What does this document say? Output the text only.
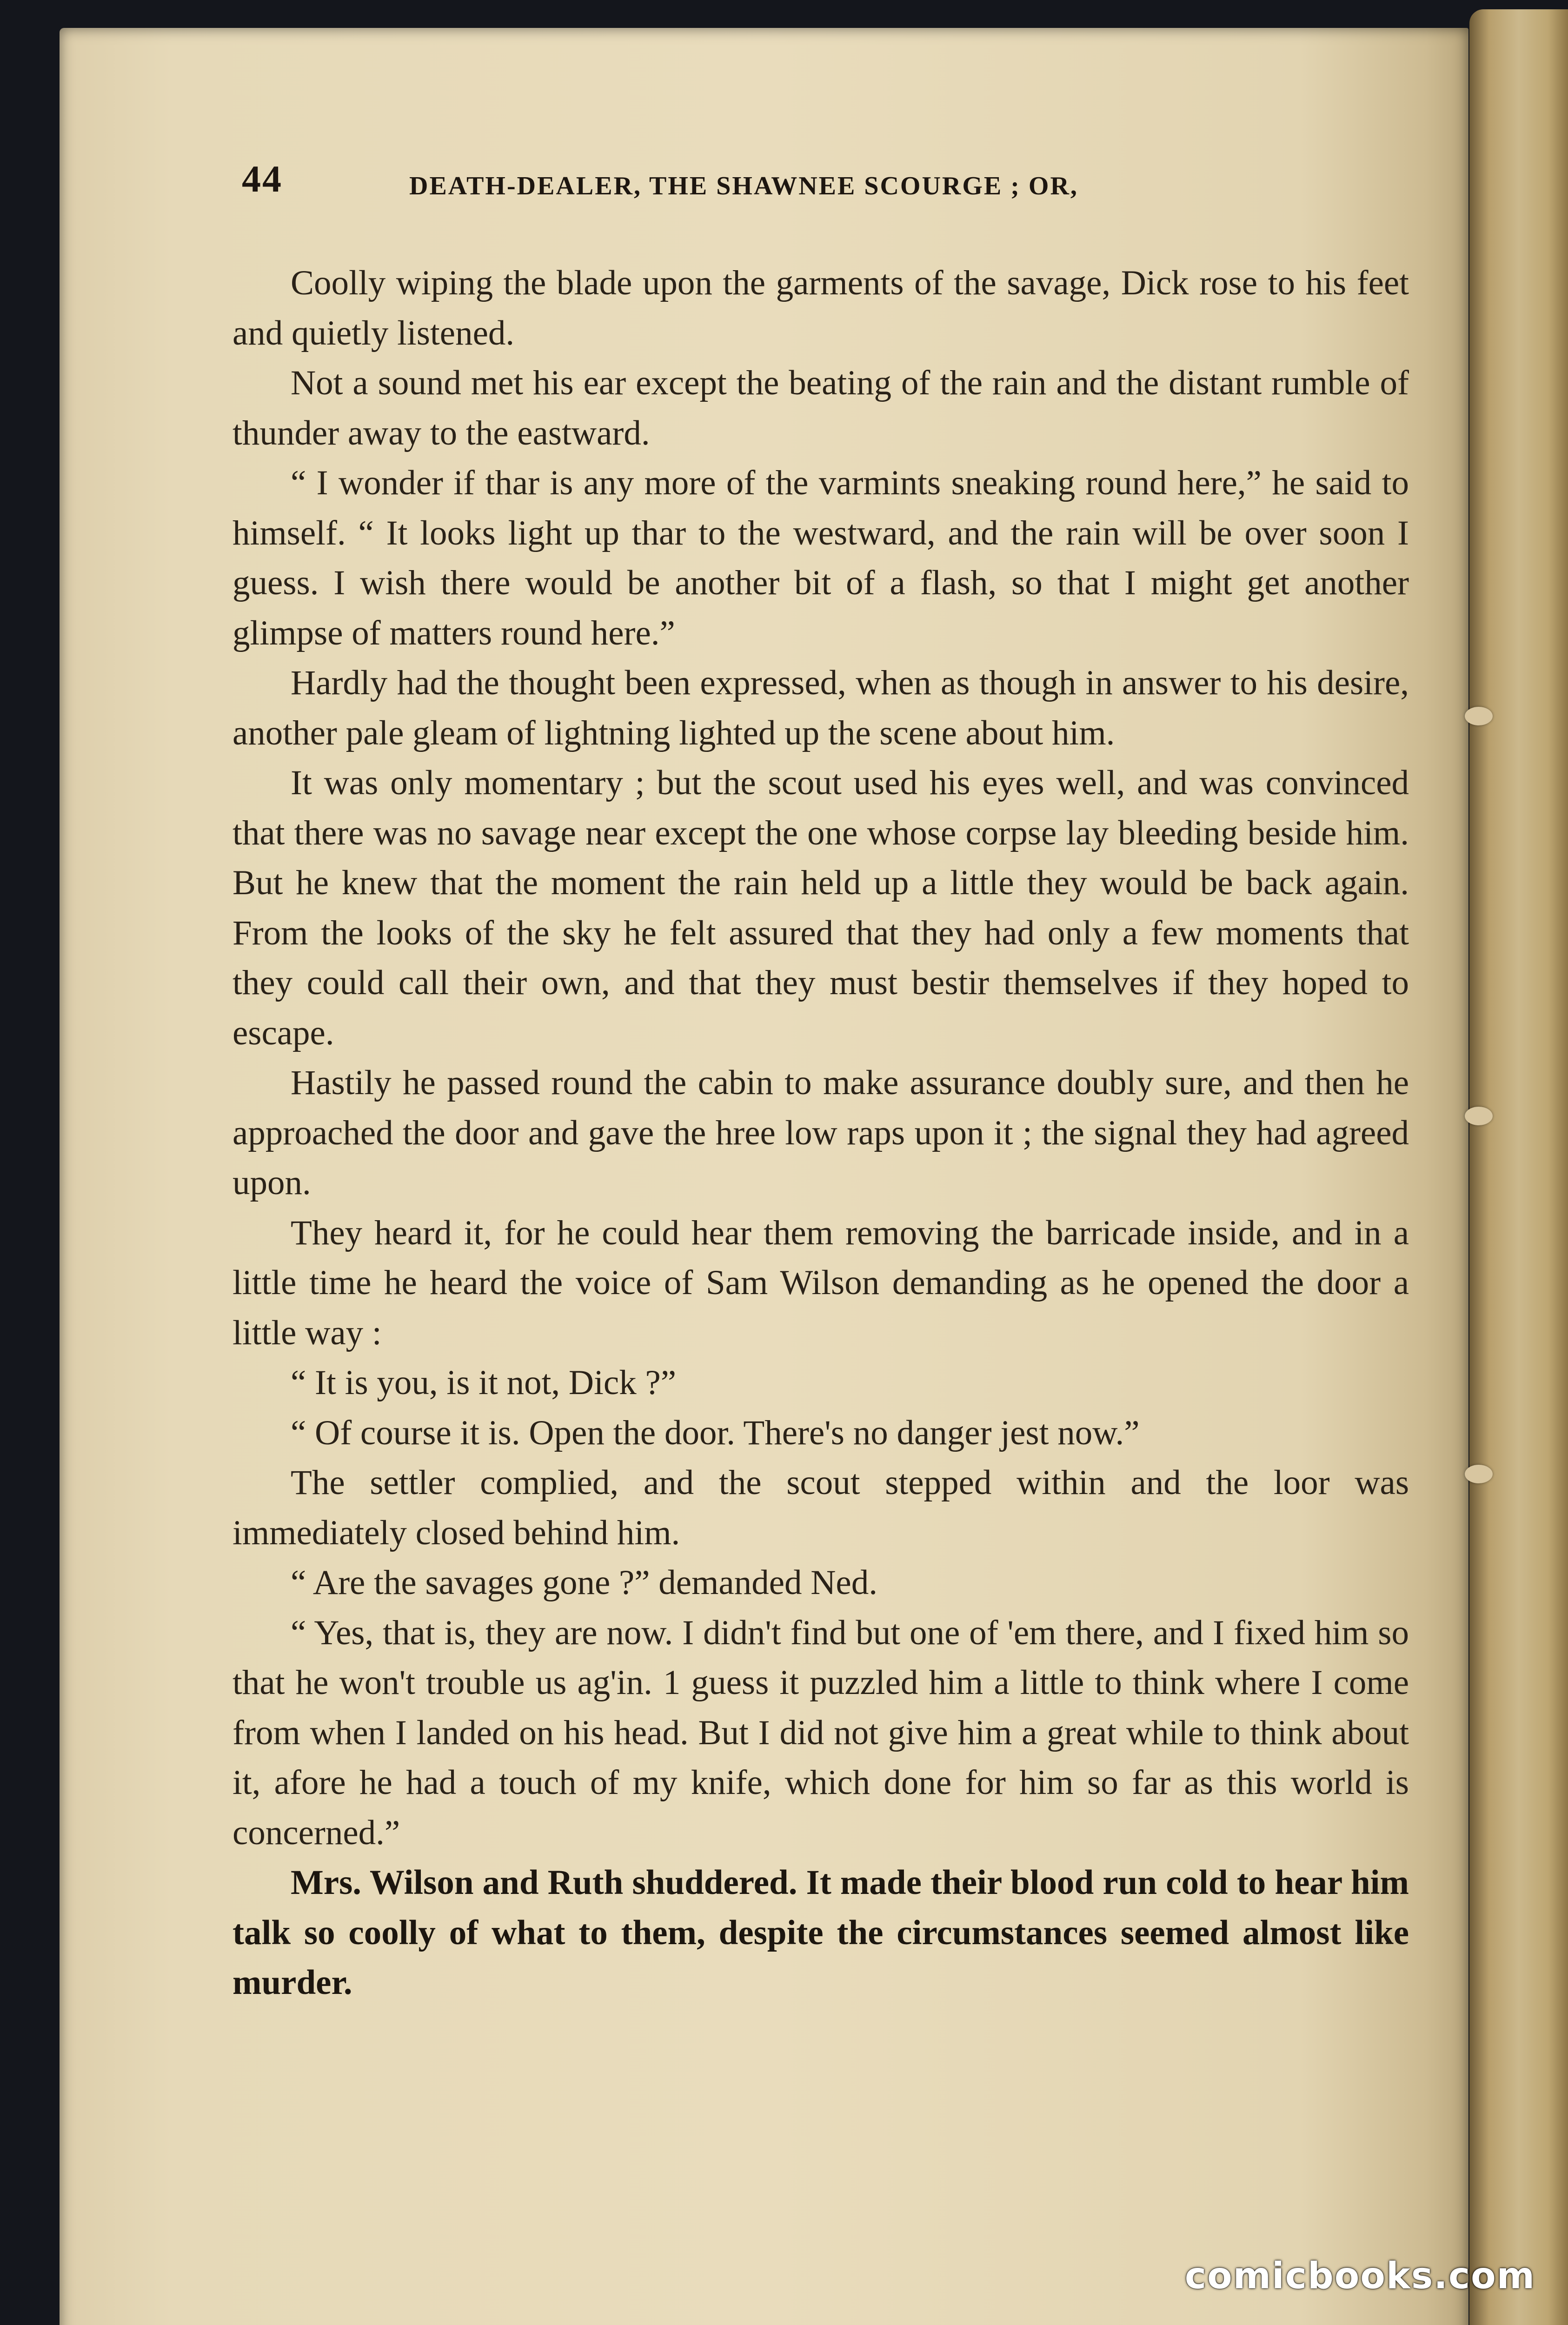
44	DEATH-DEALER, THE SHAWNEE SCOURGE ; OR,

Coolly wiping the blade upon the garments of the savage, Dick rose to his feet and quietly listened.

Not a sound met his ear except the beating of the rain and the distant rumble of thunder away to the eastward.

“ I wonder if thar is any more of the varmints sneaking round here,” he said to himself. “ It looks light up thar to the westward, and the rain will be over soon I guess. I wish there would be another bit of a flash, so that I might get another glimpse of matters round here.”

Hardly had the thought been expressed, when as though in answer to his desire, another pale gleam of lightning lighted up the scene about him.

It was only momentary ; but the scout used his eyes well, and was convinced that there was no savage near except the one whose corpse lay bleeding beside him. But he knew that the moment the rain held up a little they would be back again. From the looks of the sky he felt assured that they had only a few moments that they could call their own, and that they must bestir themselves if they hoped to escape.

Hastily he passed round the cabin to make assurance doubly sure, and then he approached the door and gave the hree low raps upon it ; the signal they had agreed upon.

They heard it, for he could hear them removing the barricade inside, and in a little time he heard the voice of Sam Wilson demanding as he opened the door a little way :

“ It is you, is it not, Dick ?”

“ Of course it is. Open the door. There's no danger jest now.”

The settler complied, and the scout stepped within and the loor was immediately closed behind him.

“ Are the savages gone ?” demanded Ned.

“ Yes, that is, they are now. I didn't find but one of 'em there, and I fixed him so that he won't trouble us ag'in. 1 guess it puzzled him a little to think where I come from when I landed on his head. But I did not give him a great while to think about it, afore he had a touch of my knife, which done for him so far as this world is concerned.”

Mrs. Wilson and Ruth shuddered. It made their blood run cold to hear him talk so coolly of what to them, despite the circumstances seemed almost like murder.

comicbooks.com
